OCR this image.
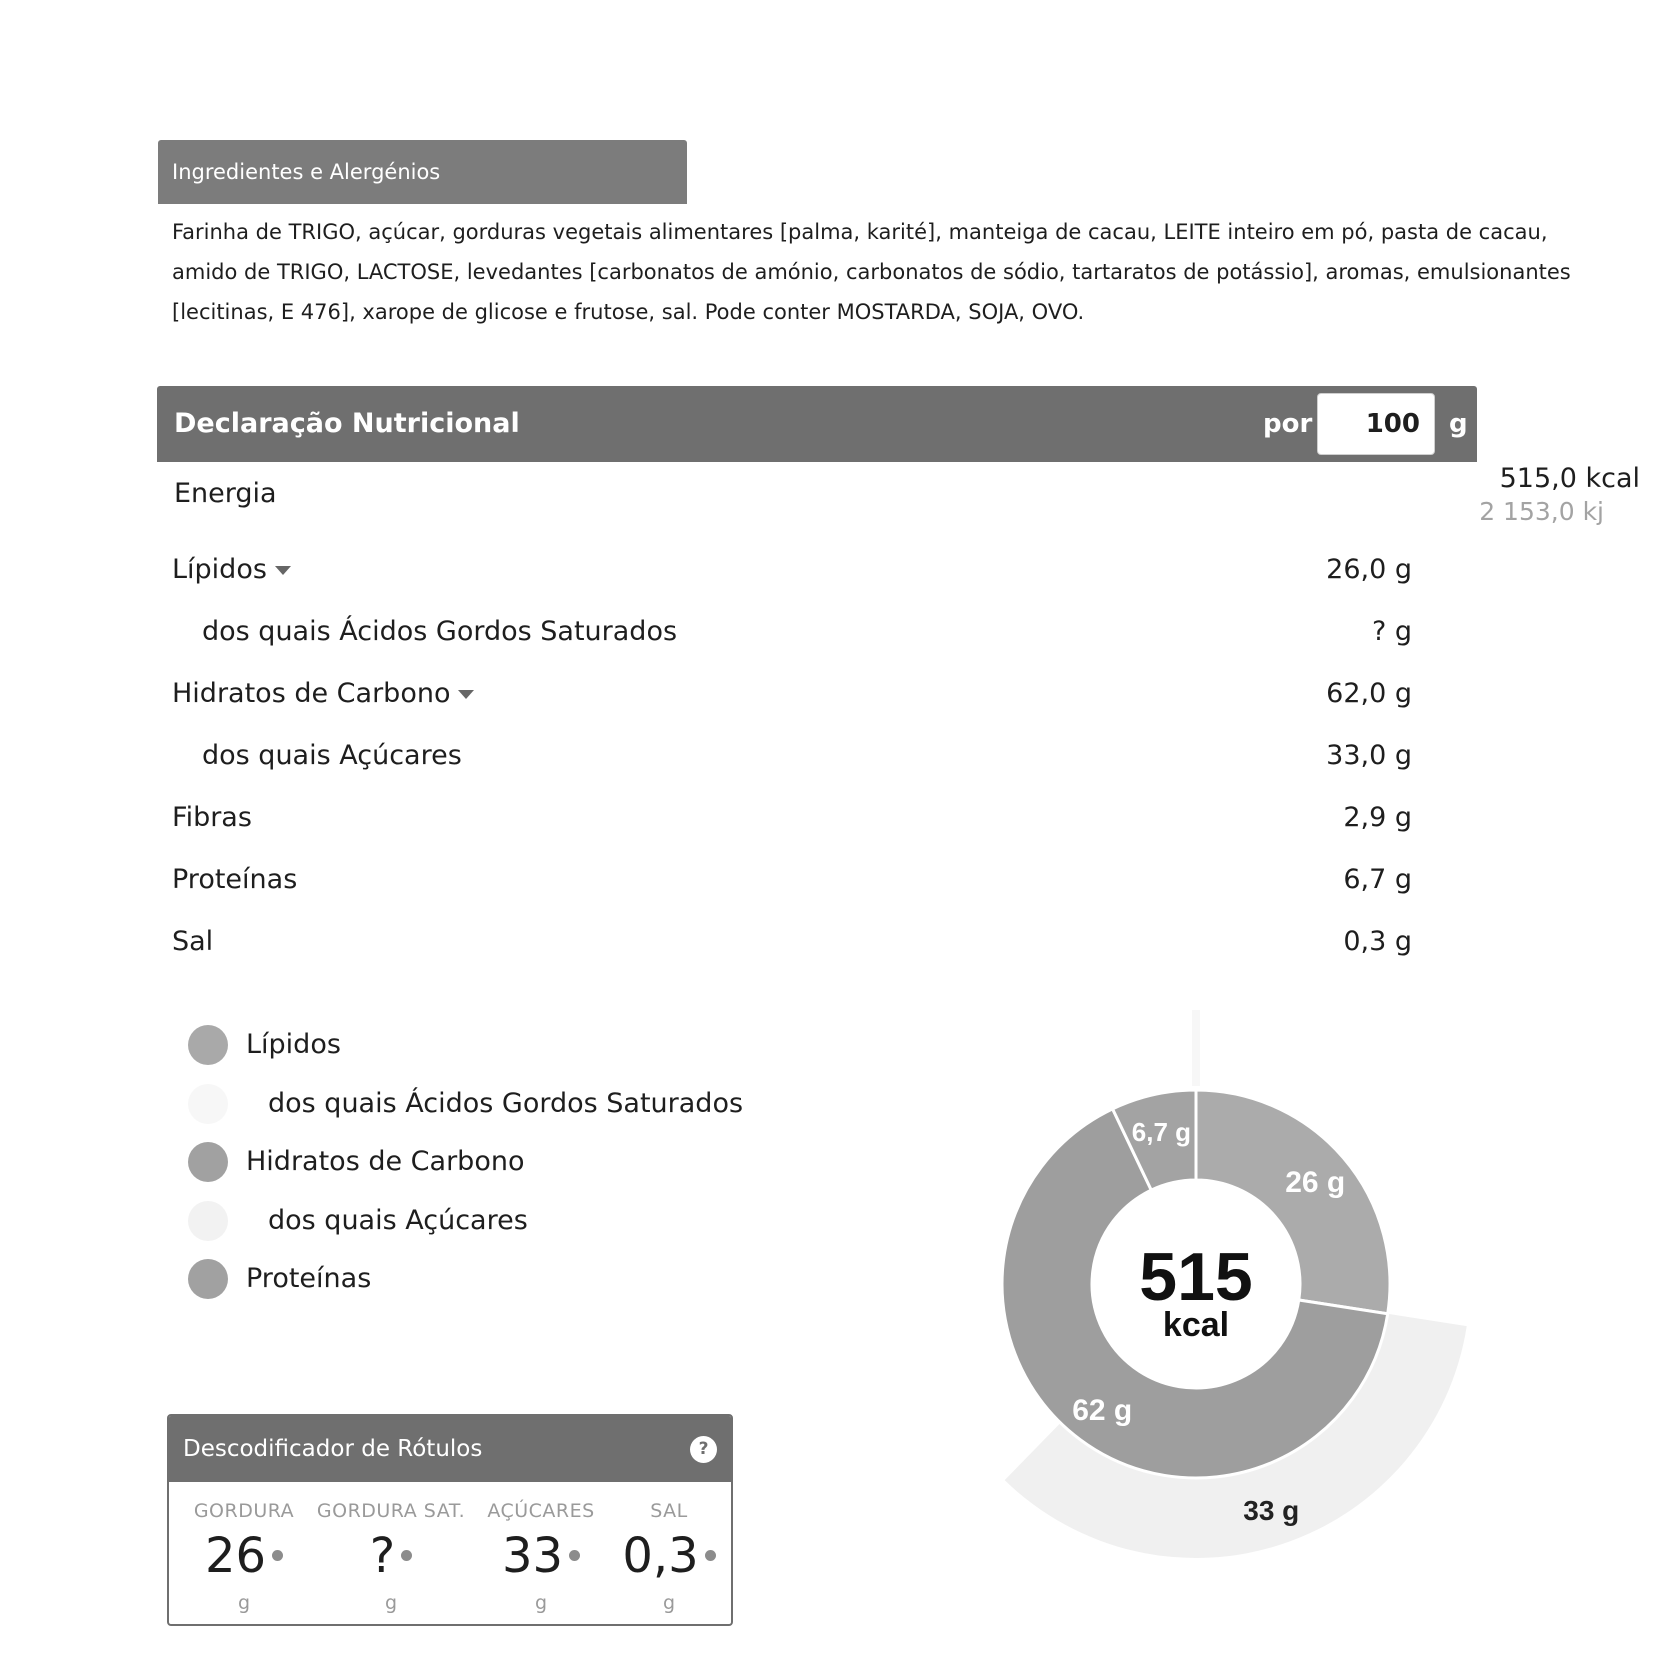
Ingredientes e Alergénios
Farinha de TRIGO, açúcar, gorduras vegetais alimentares [palma, karité], manteiga de cacau, LEITE inteiro em pó, pasta de cacau,
amido de TRIGO, LACTOSE, levedantes [carbonatos de amónio, carbonatos de sódio, tartaratos de potássio], aromas, emulsionantes
[lecitinas, E 476], xarope de glicose e frutose, sal. Pode conter MOSTARDA, SOJA, OVO.
Declaração Nutricional	por	100	g
Energia	515,0 kcal
2 153,0 kj
Lípidos	26,0 g
dos quais Ácidos Gordos Saturados	? g
Hidratos de Carbono	62,0 g
dos quais Açúcares	33,0 g
Fibras	2,9 g
Proteínas	6,7 g
Sal	0,3 g
Lípidos
dos quais Ácidos Gordos Saturados
Hidratos de Carbono
dos quais Açúcares
Proteínas
Descodificador de Rótulos	?
GORDURA
26
g
GORDURA SAT.
?
g
AÇÚCARES
33
g
SAL
0,3
g
26 g
62 g
6,7 g
33 g
515
kcal
